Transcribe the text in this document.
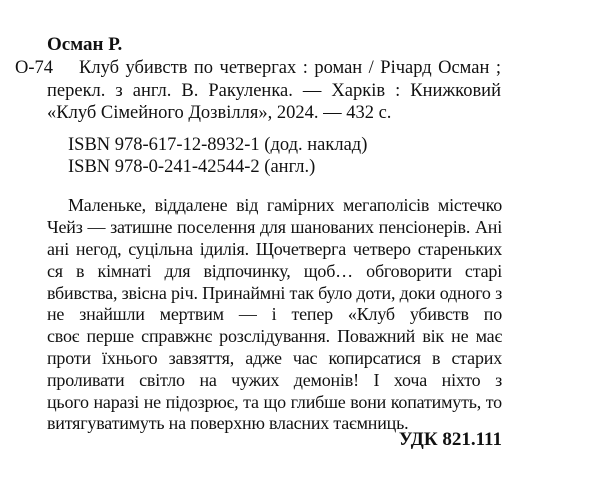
Осман Р.
О-74 Клуб убивств по четвергах : роман / Річард Осман ;
перекл. з англ. В. Ракуленка. — Харків : Книжковий
«Клуб Сімейного Дозвілля», 2024. — 432 с.
ISBN 978-617-12-8932-1 (дод. наклад)
ISBN 978-0-241-42544-2 (англ.)
Маленьке, віддалене від гамірних мегаполісів містечко
Чейз — затишне поселення для шанованих пенсіонерів. Ані
ані негод, суцільна ідилія. Щочетверга четверо стареньких
ся в кімнаті для відпочинку, щоб… обговорити старі
вбивства, звісна річ. Принаймні так було доти, доки одного з
не знайшли мертвим — і тепер «Клуб убивств по
своє перше справжнє розслідування. Поважний вік не має
проти їхнього завзяття, адже час копирсатися в старих
проливати світло на чужих демонів! І хоча ніхто з
цього наразі не підозрює, та що глибше вони копатимуть, то
витягуватимуть на поверхню власних таємниць.
УДК 821.111
